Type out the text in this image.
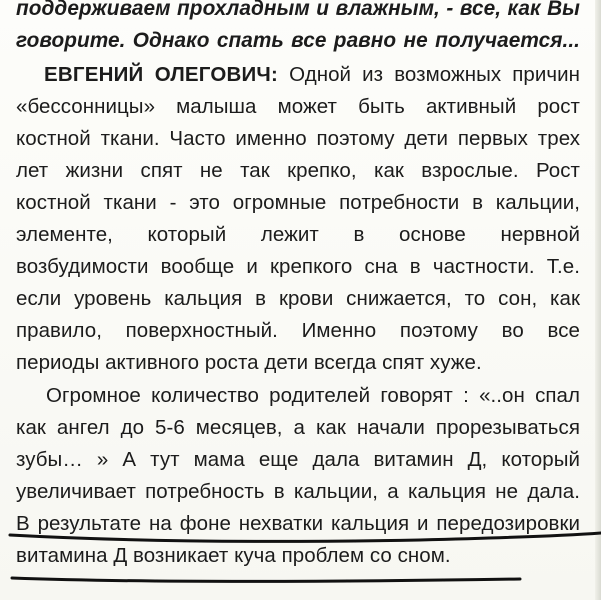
поддерживаем прохладным и влажным, - все, как Вы
говорите. Однако спать все равно не получается...
ЕВГЕНИЙ ОЛЕГОВИЧ: Одной из возможных причин
«бессонницы» малыша может быть активный рост
костной ткани. Часто именно поэтому дети первых трех
лет жизни спят не так крепко, как взрослые. Рост
костной ткани - это огромные потребности в кальции,
элементе, который лежит в основе нервной
возбудимости вообще и крепкого сна в частности. Т.е.
если уровень кальция в крови снижается, то сон, как
правило, поверхностный. Именно поэтому во все
периоды активного роста дети всегда спят хуже.
Огромное количество родителей говорят : «..он спал
как ангел до 5-6 месяцев, а как начали прорезываться
зубы… » А тут мама еще дала витамин Д, который
увеличивает потребность в кальции, а кальция не дала.
В результате на фоне нехватки кальция и передозировки
витамина Д возникает куча проблем со сном.
